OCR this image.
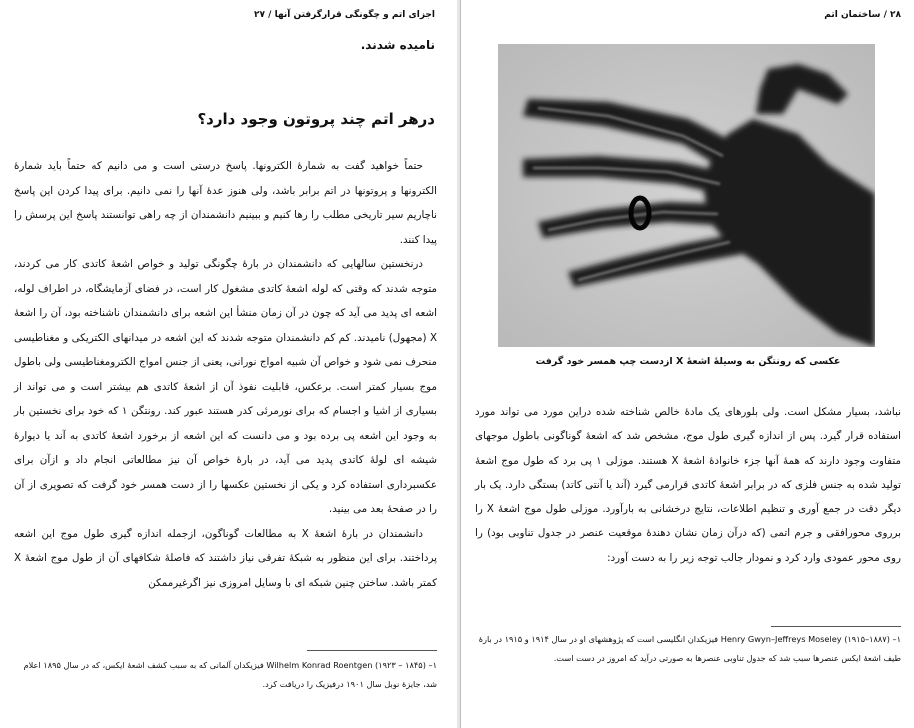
اجزای اتم و چگونگی قرارگرفتن آنها / ۲۷
نامیده شدند.
درهر اتم چند پروتون وجود دارد؟

حتماً خواهید گفت به شمارۀ الکترونها. پاسخ درستی است و می دانیم که حتماً باید شمارۀ الکترونها و پروتونها در اتم برابر باشد، ولی هنوز عدۀ آنها را نمی دانیم. برای پیدا کردن این پاسخ ناچاریم سیر تاریخی مطلب را رها کنیم و ببینیم دانشمندان از چه راهی توانستند پاسخ این پرسش را پیدا کنند.

درنخستین سالهایی که دانشمندان در بارۀ چگونگی تولید و خواص اشعۀ کاتدی کار می کردند، متوجه شدند که وقتی که لوله اشعۀ کاتدی مشغول کار است، در فضای آزمایشگاه، در اطراف لوله، اشعه ای پدید می آید که چون در آن زمان منشأ این اشعه برای دانشمندان ناشناخته بود، آن را اشعۀ X (مجهول) نامیدند. کم کم دانشمندان متوجه شدند که این اشعه در میدانهای الکتریکی و مغناطیسی منحرف نمی شود و خواص آن شبیه امواج نورانی، یعنی از جنس امواج الکترومغناطیسی ولی باطول موج بسیار کمتر است. برعکس، قابلیت نفوذ آن از اشعۀ کاتدی هم بیشتر است و می تواند از بسیاری از اشیا و اجسام که برای نورمرئی کدر هستند عبور کند. رونتگن ۱ که خود برای نخستین بار به وجود این اشعه پی برده بود و می دانست که این اشعه از برخورد اشعۀ کاتدی به آند یا دیوارۀ شیشه ای لولۀ کاتدی پدید می آید، در بارۀ خواص آن نیز مطالعاتی انجام داد و ازآن برای عکسبرداری استفاده کرد و یکی از نخستین عکسها را از دست همسر خود گرفت که تصویری از آن را در صفحۀ بعد می بینید.

دانشمندان در بارۀ اشعۀ X به مطالعات گوناگون، ازجمله اندازه گیری طول موج این اشعه پرداختند. برای این منظور به شبکۀ تفرقی نیاز داشتند که فاصلۀ شکافهای آن از طول موج اشعۀ X کمتر باشد. ساختن چنین شبکه ای با وسایل امروزی نیز اگرغیرممکن

۱– Wilhelm Konrad Roentgen (۱۹۲۳ – ۱۸۴۵) فیزیکدان آلمانی که به سبب کشف اشعۀ ایکس، که در سال ۱۸۹۵ اعلام شد، جایزۀ نوبل سال ۱۹۰۱ درفیزیک را دریافت کرد.
۲۸ / ساختمان اتم
عکسی که رونتگن به وسیلۀ اشعۀ X ازدست چپ همسر خود گرفت

نباشد، بسیار مشکل است. ولی بلورهای یک مادۀ خالص شناخته شده دراین مورد می تواند مورد استفاده قرار گیرد. پس از اندازه گیری طول موج، مشخص شد که اشعۀ گوناگونی باطول موجهای متفاوت وجود دارند که همۀ آنها جزء خانوادۀ اشعۀ X هستند. موزلی ۱ پی برد که طول موج اشعۀ تولید شده به جنس فلزی که در برابر اشعۀ کاتدی قرارمی گیرد (آند یا آنتی کاتد) بستگی دارد. یک بار دیگر دقت در جمع آوری و تنظیم اطلاعات، نتایج درخشانی به بارآورد. موزلی طول موج اشعۀ X را برروی محورافقی و جرم اتمی (که درآن زمان نشان دهندۀ موقعیت عنصر در جدول تناوبی بود) را روی محور عمودی وارد کرد و نمودار جالب توجه زیر را به دست آورد:

۱– Henry Gwyn–Jeffreys Moseley (۱۹۱۵–۱۸۸۷) فیزیکدان انگلیسی است که پژوهشهای او در سال ۱۹۱۴ و ۱۹۱۵ در بارۀ طیف اشعۀ ایکس عنصرها سبب شد که جدول تناوبی عنصرها به صورتی درآید که امروز در دست است.
